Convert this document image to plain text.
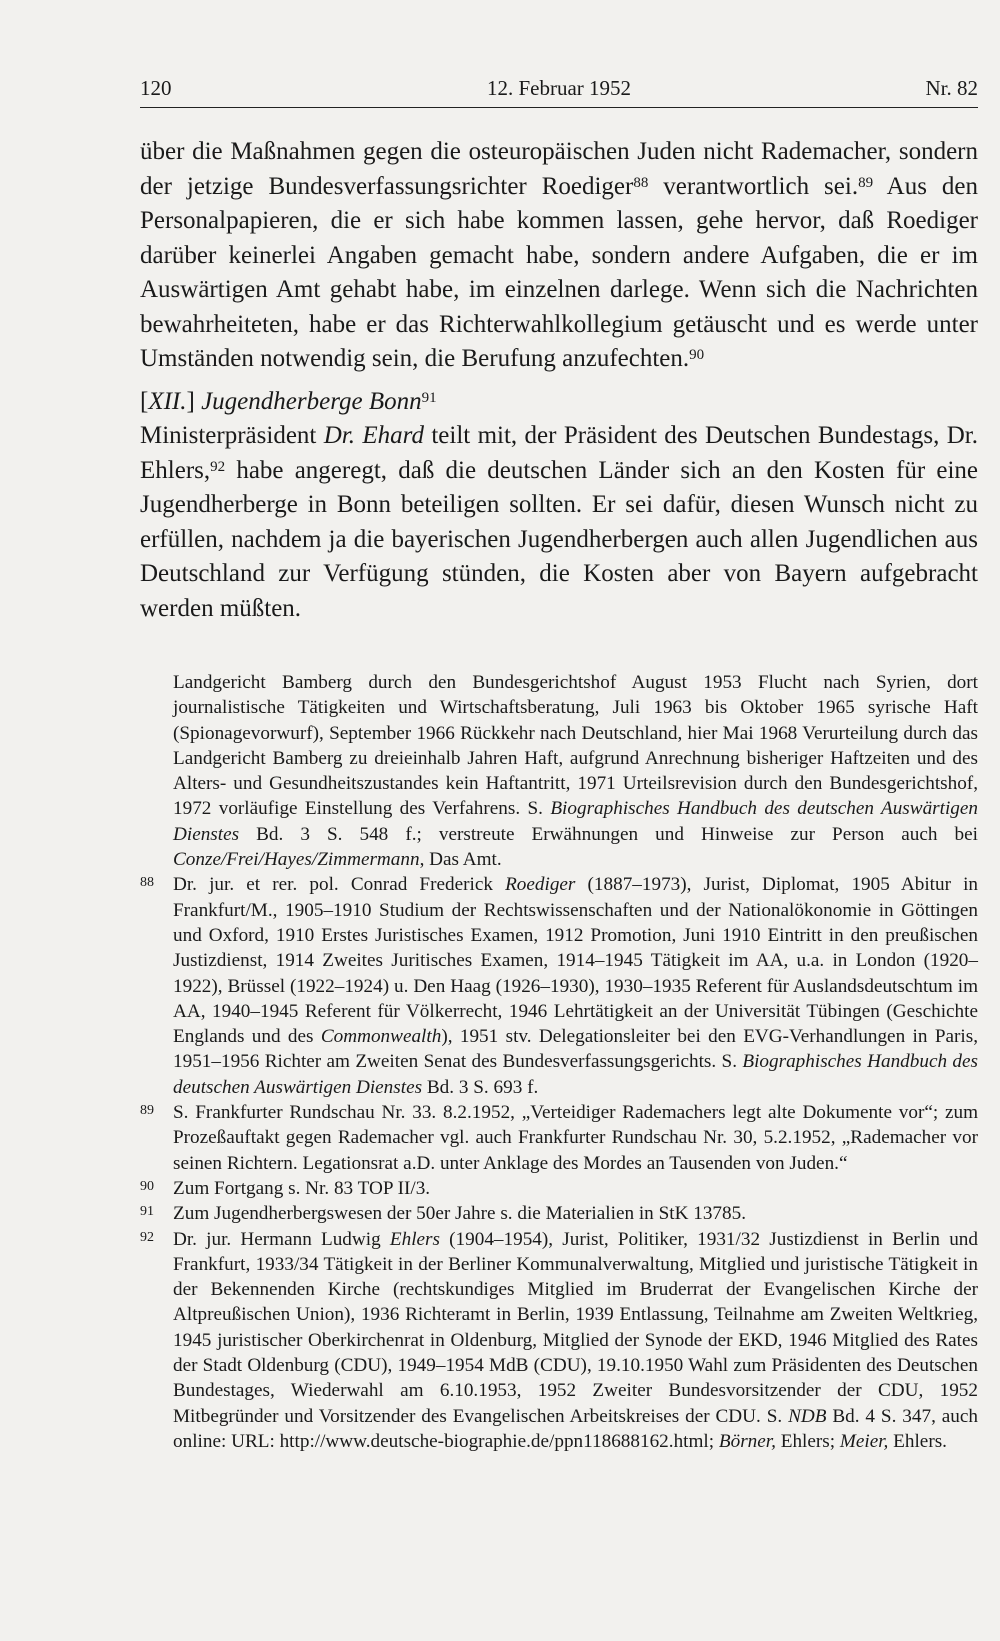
120	12. Februar 1952	Nr. 82

über die Maßnahmen gegen die osteuropäischen Juden nicht Rademacher, sondern der jetzige Bundesverfassungsrichter Roediger$^{88}$ verantwortlich sei.$^{89}$ Aus den Personalpapieren, die er sich habe kommen lassen, gehe hervor, daß Roediger darüber keinerlei Angaben gemacht habe, sondern andere Aufgaben, die er im Auswärtigen Amt gehabt habe, im einzelnen darlege. Wenn sich die Nachrichten bewahrheiteten, habe er das Richterwahlkollegium getäuscht und es werde unter Umständen notwendig sein, die Berufung anzufechten.$^{90}$

[XII.] Jugendherberge Bonn$^{91}$

Ministerpräsident Dr. Ehard teilt mit, der Präsident des Deutschen Bundestags, Dr. Ehlers,$^{92}$ habe angeregt, daß die deutschen Länder sich an den Kosten für eine Jugendherberge in Bonn beteiligen sollten. Er sei dafür, diesen Wunsch nicht zu erfüllen, nachdem ja die bayerischen Jugendherbergen auch allen Jugendlichen aus Deutschland zur Verfügung stünden, die Kosten aber von Bayern aufgebracht werden müßten.

Landgericht Bamberg durch den Bundesgerichtshof August 1953 Flucht nach Syrien, dort journalistische Tätigkeiten und Wirtschaftsberatung, Juli 1963 bis Oktober 1965 syrische Haft (Spionagevorwurf), September 1966 Rückkehr nach Deutschland, hier Mai 1968 Verurteilung durch das Landgericht Bamberg zu dreieinhalb Jahren Haft, aufgrund Anrechnung bisheriger Haftzeiten und des Alters- und Gesundheitszustandes kein Haftantritt, 1971 Urteilsrevision durch den Bundesgerichtshof, 1972 vorläufige Einstellung des Verfahrens. S. Biographisches Handbuch des deutschen Auswärtigen Dienstes Bd. 3 S. 548 f.; verstreute Erwähnungen und Hinweise zur Person auch bei Conze/Frei/Hayes/Zimmermann, Das Amt.

88 Dr. jur. et rer. pol. Conrad Frederick Roediger (1887–1973), Jurist, Diplomat, 1905 Abitur in Frankfurt/M., 1905–1910 Studium der Rechtswissenschaften und der Nationalökonomie in Göttingen und Oxford, 1910 Erstes Juristisches Examen, 1912 Promotion, Juni 1910 Eintritt in den preußischen Justizdienst, 1914 Zweites Juritisches Examen, 1914–1945 Tätigkeit im AA, u.a. in London (1920–1922), Brüssel (1922–1924) u. Den Haag (1926–1930), 1930–1935 Referent für Auslandsdeutschtum im AA, 1940–1945 Referent für Völkerrecht, 1946 Lehrtätigkeit an der Universität Tübingen (Geschichte Englands und des Commonwealth), 1951 stv. Delegationsleiter bei den EVG-Verhandlungen in Paris, 1951–1956 Richter am Zweiten Senat des Bundesverfassungsgerichts. S. Biographisches Handbuch des deutschen Auswärtigen Dienstes Bd. 3 S. 693 f.

89 S. Frankfurter Rundschau Nr. 33. 8.2.1952, „Verteidiger Rademachers legt alte Dokumente vor“; zum Prozeßauftakt gegen Rademacher vgl. auch Frankfurter Rundschau Nr. 30, 5.2.1952, „Rademacher vor seinen Richtern. Legationsrat a.D. unter Anklage des Mordes an Tausenden von Juden.“

90 Zum Fortgang s. Nr. 83 TOP II/3.

91 Zum Jugendherbergswesen der 50er Jahre s. die Materialien in StK 13785.

92 Dr. jur. Hermann Ludwig Ehlers (1904–1954), Jurist, Politiker, 1931/32 Justizdienst in Berlin und Frankfurt, 1933/34 Tätigkeit in der Berliner Kommunalverwaltung, Mitglied und juristische Tätigkeit in der Bekennenden Kirche (rechtskundiges Mitglied im Bruderrat der Evangelischen Kirche der Altpreußischen Union), 1936 Richteramt in Berlin, 1939 Entlassung, Teilnahme am Zweiten Weltkrieg, 1945 juristischer Oberkirchenrat in Oldenburg, Mitglied der Synode der EKD, 1946 Mitglied des Rates der Stadt Oldenburg (CDU), 1949–1954 MdB (CDU), 19.10.1950 Wahl zum Präsidenten des Deutschen Bundestages, Wiederwahl am 6.10.1953, 1952 Zweiter Bundesvorsitzender der CDU, 1952 Mitbegründer und Vorsitzender des Evangelischen Arbeitskreises der CDU. S. NDB Bd. 4 S. 347, auch online: URL: http://www.deutsche-biographie.de/ppn118688162.html; Börner, Ehlers; Meier, Ehlers.
